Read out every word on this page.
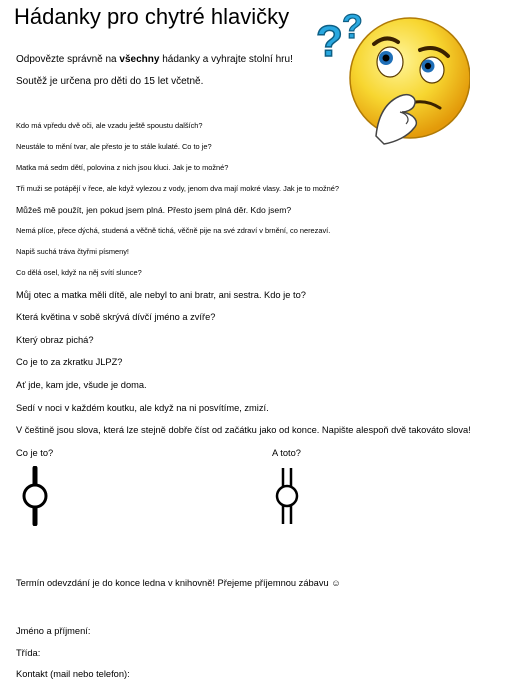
Hádanky pro chytré hlavičky
? ?
Odpovězte správně na všechny hádanky a vyhrajte stolní hru!
Soutěž je určena pro děti do 15 let včetně.
Kdo má vpředu dvě oči, ale vzadu ještě spoustu dalších?
Neustále to mění tvar, ale přesto je to stále kulaté. Co to je?
Matka má sedm dětí, polovina z nich jsou kluci. Jak je to možné?
Tři muži se potápějí v řece, ale když vylezou z vody, jenom dva mají mokré vlasy. Jak je to možné?
Můžeš mě použít, jen pokud jsem plná. Přesto jsem plná děr. Kdo jsem?
Nemá plíce, přece dýchá, studená a věčně tichá, věčně pije na své zdraví v brnění, co nerezaví.
Napiš suchá tráva čtyřmi písmeny!
Co dělá osel, když na něj svítí slunce?
Můj otec a matka měli dítě, ale nebyl to ani bratr, ani sestra. Kdo je to?
Která květina v sobě skrývá dívčí jméno a zvíře?
Který obraz pichá?
Co je to za zkratku JLPZ?
Ať jde, kam jde, všude je doma.
Sedí v noci v každém koutku, ale když na ni posvítíme, zmizí.
V češtině jsou slova, která lze stejně dobře číst od začátku jako od konce. Napište alespoň dvě takováto slova!
Co je to?	A toto?
Termín odevzdání je do konce ledna v knihovně! Přejeme příjemnou zábavu ☺
Jméno a příjmení:
Třída:
Kontakt (mail nebo telefon):
